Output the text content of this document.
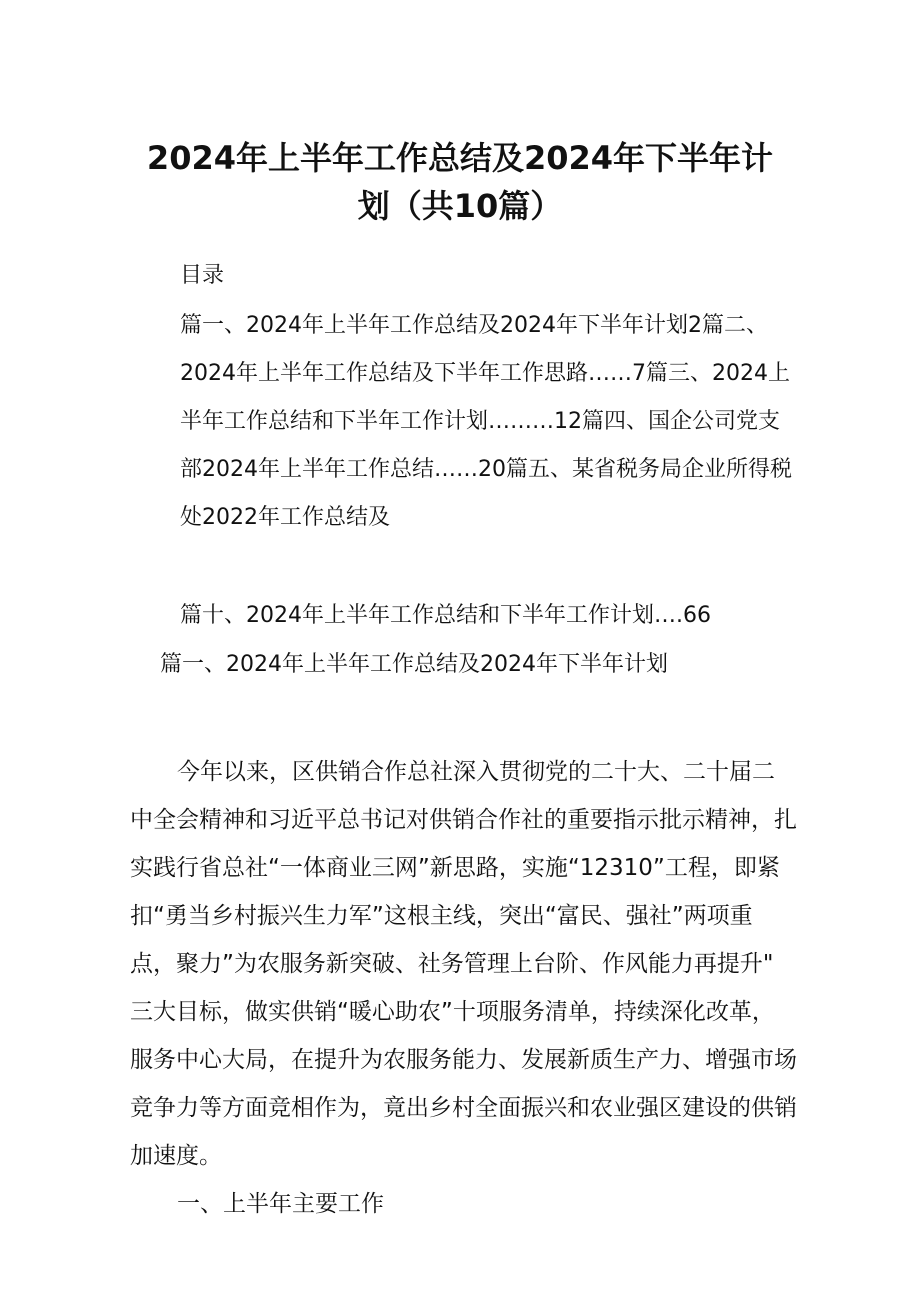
2024年上半年工作总结及2024年下半年计
划（共10篇）
目录
篇一、2024年上半年工作总结及2024年下半年计划2篇二、
2024年上半年工作总结及下半年工作思路……7篇三、2024上
半年工作总结和下半年工作计划………12篇四、国企公司党支
部2024年上半年工作总结……20篇五、某省税务局企业所得税
处2022年工作总结及
篇十、2024年上半年工作总结和下半年工作计划….66
篇一、2024年上半年工作总结及2024年下半年计划
今年以来，区供销合作总社深入贯彻党的二十大、二十届二
中全会精神和习近平总书记对供销合作社的重要指示批示精神，扎
实践行省总社“一体商业三网”新思路，实施“12310”工程，即紧
扣“勇当乡村振兴生力军”这根主线，突出“富民、强社”两项重
点，聚力”为农服务新突破、社务管理上台阶、作风能力再提升"
三大目标，做实供销“暖心助农”十项服务清单，持续深化改革，
服务中心大局，在提升为农服务能力、发展新质生产力、增强市场
竞争力等方面竞相作为，竟出乡村全面振兴和农业强区建设的供销
加速度。
一、上半年主要工作
